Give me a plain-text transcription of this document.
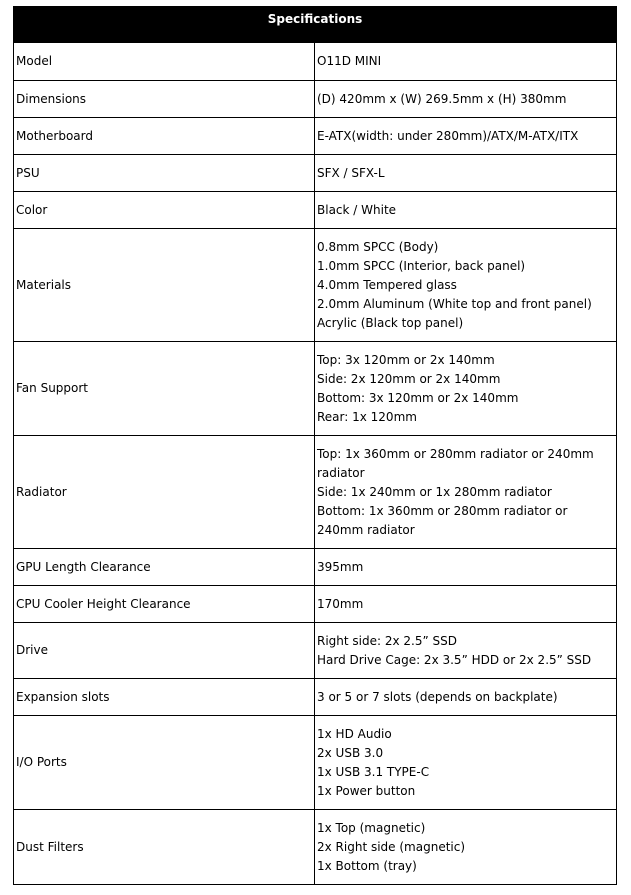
Specifications	
Model	O11D MINI

Dimensions	(D) 420mm x (W) 269.5mm x (H) 380mm

Motherboard	E-ATX(width: under 280mm)/ATX/M-ATX/ITX

PSU	SFX / SFX-L

Color	Black / White

Materials	0.8mm SPCC (Body)
1.0mm SPCC (Interior, back panel)
4.0mm Tempered glass
2.0mm Aluminum (White top and front panel)
Acrylic (Black top panel)

Fan Support	Top: 3x 120mm or 2x 140mm
Side: 2x 120mm or 2x 140mm
Bottom: 3x 120mm or 2x 140mm
Rear: 1x 120mm

Radiator	Top: 1x 360mm or 280mm radiator or 240mm radiator
Side: 1x 240mm or 1x 280mm radiator
Bottom: 1x 360mm or 280mm radiator or 240mm radiator

GPU Length Clearance	395mm

CPU Cooler Height Clearance	170mm

Drive	Right side: 2x 2.5” SSD
Hard Drive Cage: 2x 3.5” HDD or 2x 2.5” SSD

Expansion slots	3 or 5 or 7 slots (depends on backplate)

I/O Ports	1x HD Audio
2x USB 3.0
1x USB 3.1 TYPE-C
1x Power button

Dust Filters	1x Top (magnetic)
2x Right side (magnetic)
1x Bottom (tray)
